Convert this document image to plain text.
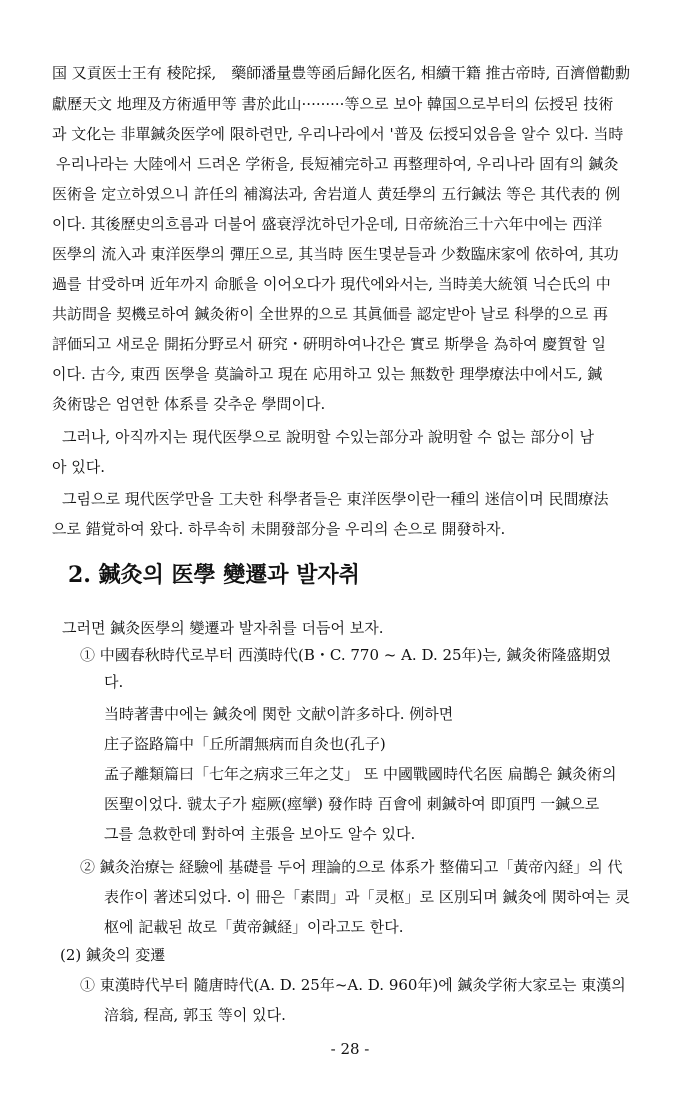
国 又貢医士王有 稜陀採,　藥師潘量豊等函后歸化医名, 相續干籍 推古帝時, 百濟僧勸勳
獻歷天文 地理及方術遁甲等 書於此山·········等으로 보아 韓国으로부터의 伝授된 技術
과 文化는 非單鍼灸医学에 限하련만, 우리나라에서 '普及 伝授되었음을 알수 있다. 当時
우리나라는 大陸에서 드려온 学術을, 長短補完하고 再整理하여, 우리나라 固有의 鍼灸
医術을 定立하였으니 許任의 補瀉法과, 舍岩道人 黄廷學의 五行鍼法 等은 其代表的 例
이다. 其後歷史의흐름과 더불어 盛衰浮沈하던가운데, 日帝統治三十六年中에는 西洋
医學의 流入과 東洋医學의 彈圧으로, 其当時 医生몇분들과 少数臨床家에 依하여, 其功
過를 甘受하며 近年까지 命脈을 이어오다가 現代에와서는, 当時美大統領 닉슨氏의 中
共訪問을 契機로하여 鍼灸術이 全世界的으로 其眞価를 認定받아 날로 科學的으로 再
評価되고 새로운 開拓分野로서 研究・硏明하여나간은 實로 斯學을 為하여 慶賀할 일
이다. 古今, 東西 医學을 莫論하고 現在 応用하고 있는 無数한 理學療法中에서도, 鍼
灸術많은 엄연한 体系를 갖추운 學問이다.
그러나, 아직까지는 現代医學으로 說明할 수있는部分과 說明할 수 없는 部分이 남
아 있다.
그림으로 現代医学만을 工夫한 科學者들은 東洋医學이란一種의 迷信이며 民間療法
으로 錯覚하여 왔다. 하루속히 未開發部分을 우리의 손으로 開發하자.
2. 鍼灸의 医學 變遷과 발자취
그러면 鍼灸医學의 變遷과 발자취를 더듬어 보자.
① 中國春秋時代로부터 西漢時代(B・C. 770 ~ A. D. 25年)는, 鍼灸術隆盛期였
다.
当時著書中에는 鍼灸에 関한 文献이許多하다. 例하면
庄子盜路篇中「丘所謂無病而自灸也(孔子)
孟子離類篇曰「七年之病求三年之艾」 또 中國戰國時代名医 扁鵲은 鍼灸術의
医聖이었다. 虢太子가 瘂厥(痙攣) 發作時 百會에 刺鍼하여 即頂門 一鍼으로
그를 急救한데 對하여 主張을 보아도 알수 있다.
② 鍼灸治療는 経驗에 基礎를 두어 理論的으로 体系가 整備되고「黃帝內経」의 代
表作이 著述되었다. 이 冊은「素問」과「灵枢」로 区別되며 鍼灸에 関하여는 灵
枢에 記載된 故로「黄帝鍼経」이라고도 한다.
(2) 鍼灸의 変遷
① 東漢時代부터 隨唐時代(A. D. 25年~A. D. 960年)에 鍼灸学術大家로는 東漢의
涪翁, 程高, 郭玉 等이 있다.
- 28 -
